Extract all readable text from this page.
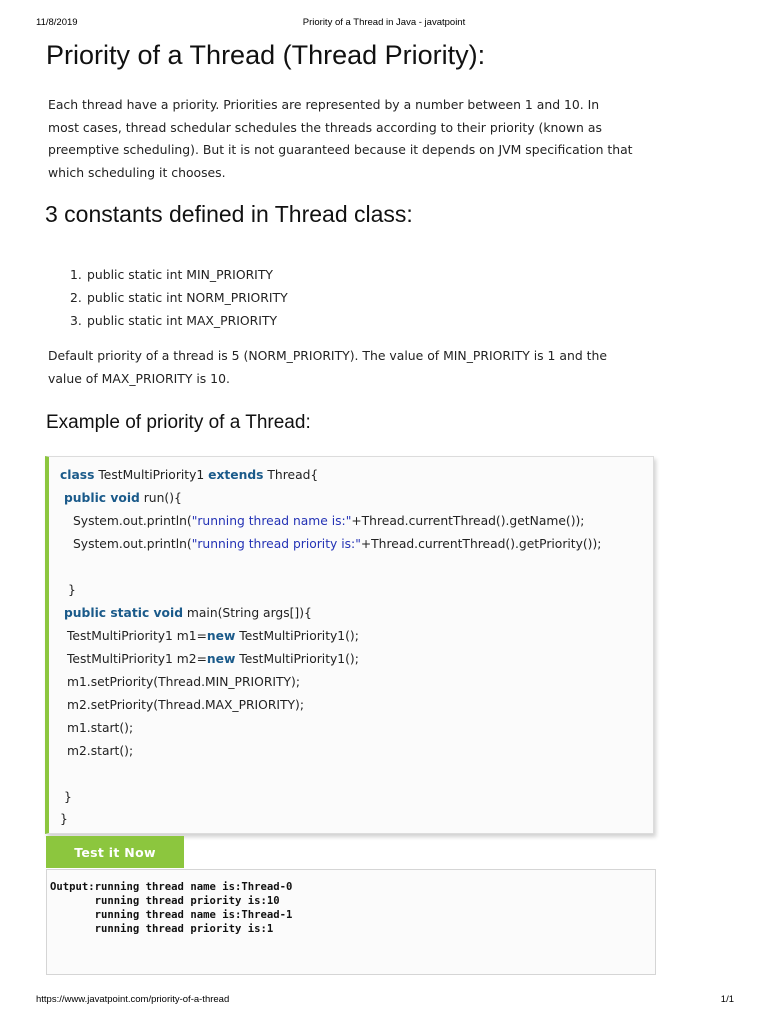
11/8/2019	Priority of a Thread in Java - javatpoint
Priority of a Thread (Thread Priority):
Each thread have a priority. Priorities are represented by a number between 1 and 10. In
most cases, thread schedular schedules the threads according to their priority (known as
preemptive scheduling). But it is not guaranteed because it depends on JVM specification that
which scheduling it chooses.
3 constants defined in Thread class:
1. public static int MIN_PRIORITY
2. public static int NORM_PRIORITY
3. public static int MAX_PRIORITY
Default priority of a thread is 5 (NORM_PRIORITY). The value of MIN_PRIORITY is 1 and the
value of MAX_PRIORITY is 10.
Example of priority of a Thread:
class TestMultiPriority1 extends Thread{
public void run(){
System.out.println("running thread name is:"+Thread.currentThread().getName());
System.out.println("running thread priority is:"+Thread.currentThread().getPriority());
}
public static void main(String args[]){
TestMultiPriority1 m1=new TestMultiPriority1();
TestMultiPriority1 m2=new TestMultiPriority1();
m1.setPriority(Thread.MIN_PRIORITY);
m2.setPriority(Thread.MAX_PRIORITY);
m1.start();
m2.start();
}
}
Test it Now
Output:running thread name is:Thread-0
running thread priority is:10
running thread name is:Thread-1
running thread priority is:1
https://www.javatpoint.com/priority-of-a-thread	1/1
